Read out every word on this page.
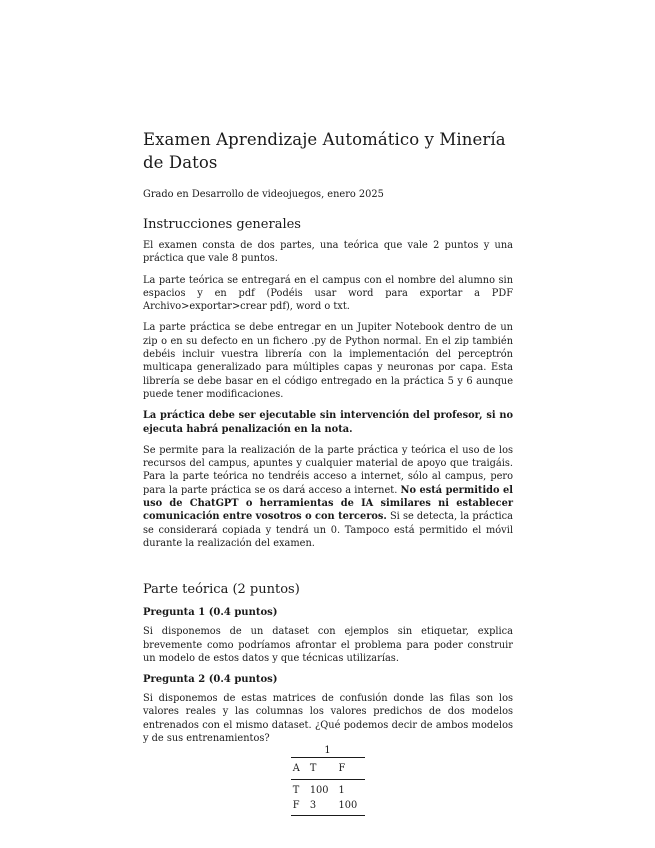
Examen Aprendizaje Automático y Minería de Datos
Grado en Desarrollo de videojuegos, enero 2025
Instrucciones generales

El examen consta de dos partes, una teórica que vale 2 puntos y una práctica que vale 8 puntos.

La parte teórica se entregará en el campus con el nombre del alumno sin espacios y en pdf (Podéis usar word para exportar a PDF Archivo>exportar>crear pdf), word o txt.

La parte práctica se debe entregar en un Jupiter Notebook dentro de un zip o en su defecto en un fichero .py de Python normal. En el zip también debéis incluir vuestra librería con la implementación del perceptrón multicapa generalizado para múltiples capas y neuronas por capa. Esta librería se debe basar en el código entregado en la práctica 5 y 6 aunque puede tener modificaciones.

La práctica debe ser ejecutable sin intervención del profesor, si no ejecuta habrá penalización en la nota.

Se permite para la realización de la parte práctica y teórica el uso de los recursos del campus, apuntes y cualquier material de apoyo que traigáis. Para la parte teórica no tendréis acceso a internet, sólo al campus, pero para la parte práctica se os dará acceso a internet. No está permitido el uso de ChatGPT o herramientas de IA similares ni establecer comunicación entre vosotros o con terceros. Si se detecta, la práctica se considerará copiada y tendrá un 0. Tampoco está permitido el móvil durante la realización del examen.

Parte teórica (2 puntos)
Pregunta 1 (0.4 puntos)

Si disponemos de un dataset con ejemplos sin etiquetar, explica brevemente como podríamos afrontar el problema para poder construir un modelo de estos datos y que técnicas utilizarías.

Pregunta 2 (0.4 puntos)

Si disponemos de estas matrices de confusión donde las filas son los valores reales y las columnas los valores predichos de dos modelos entrenados con el mismo dataset. ¿Qué podemos decir de ambos modelos y de sus entrenamientos?

A	T	F
T	100	1
F	3	100
1
